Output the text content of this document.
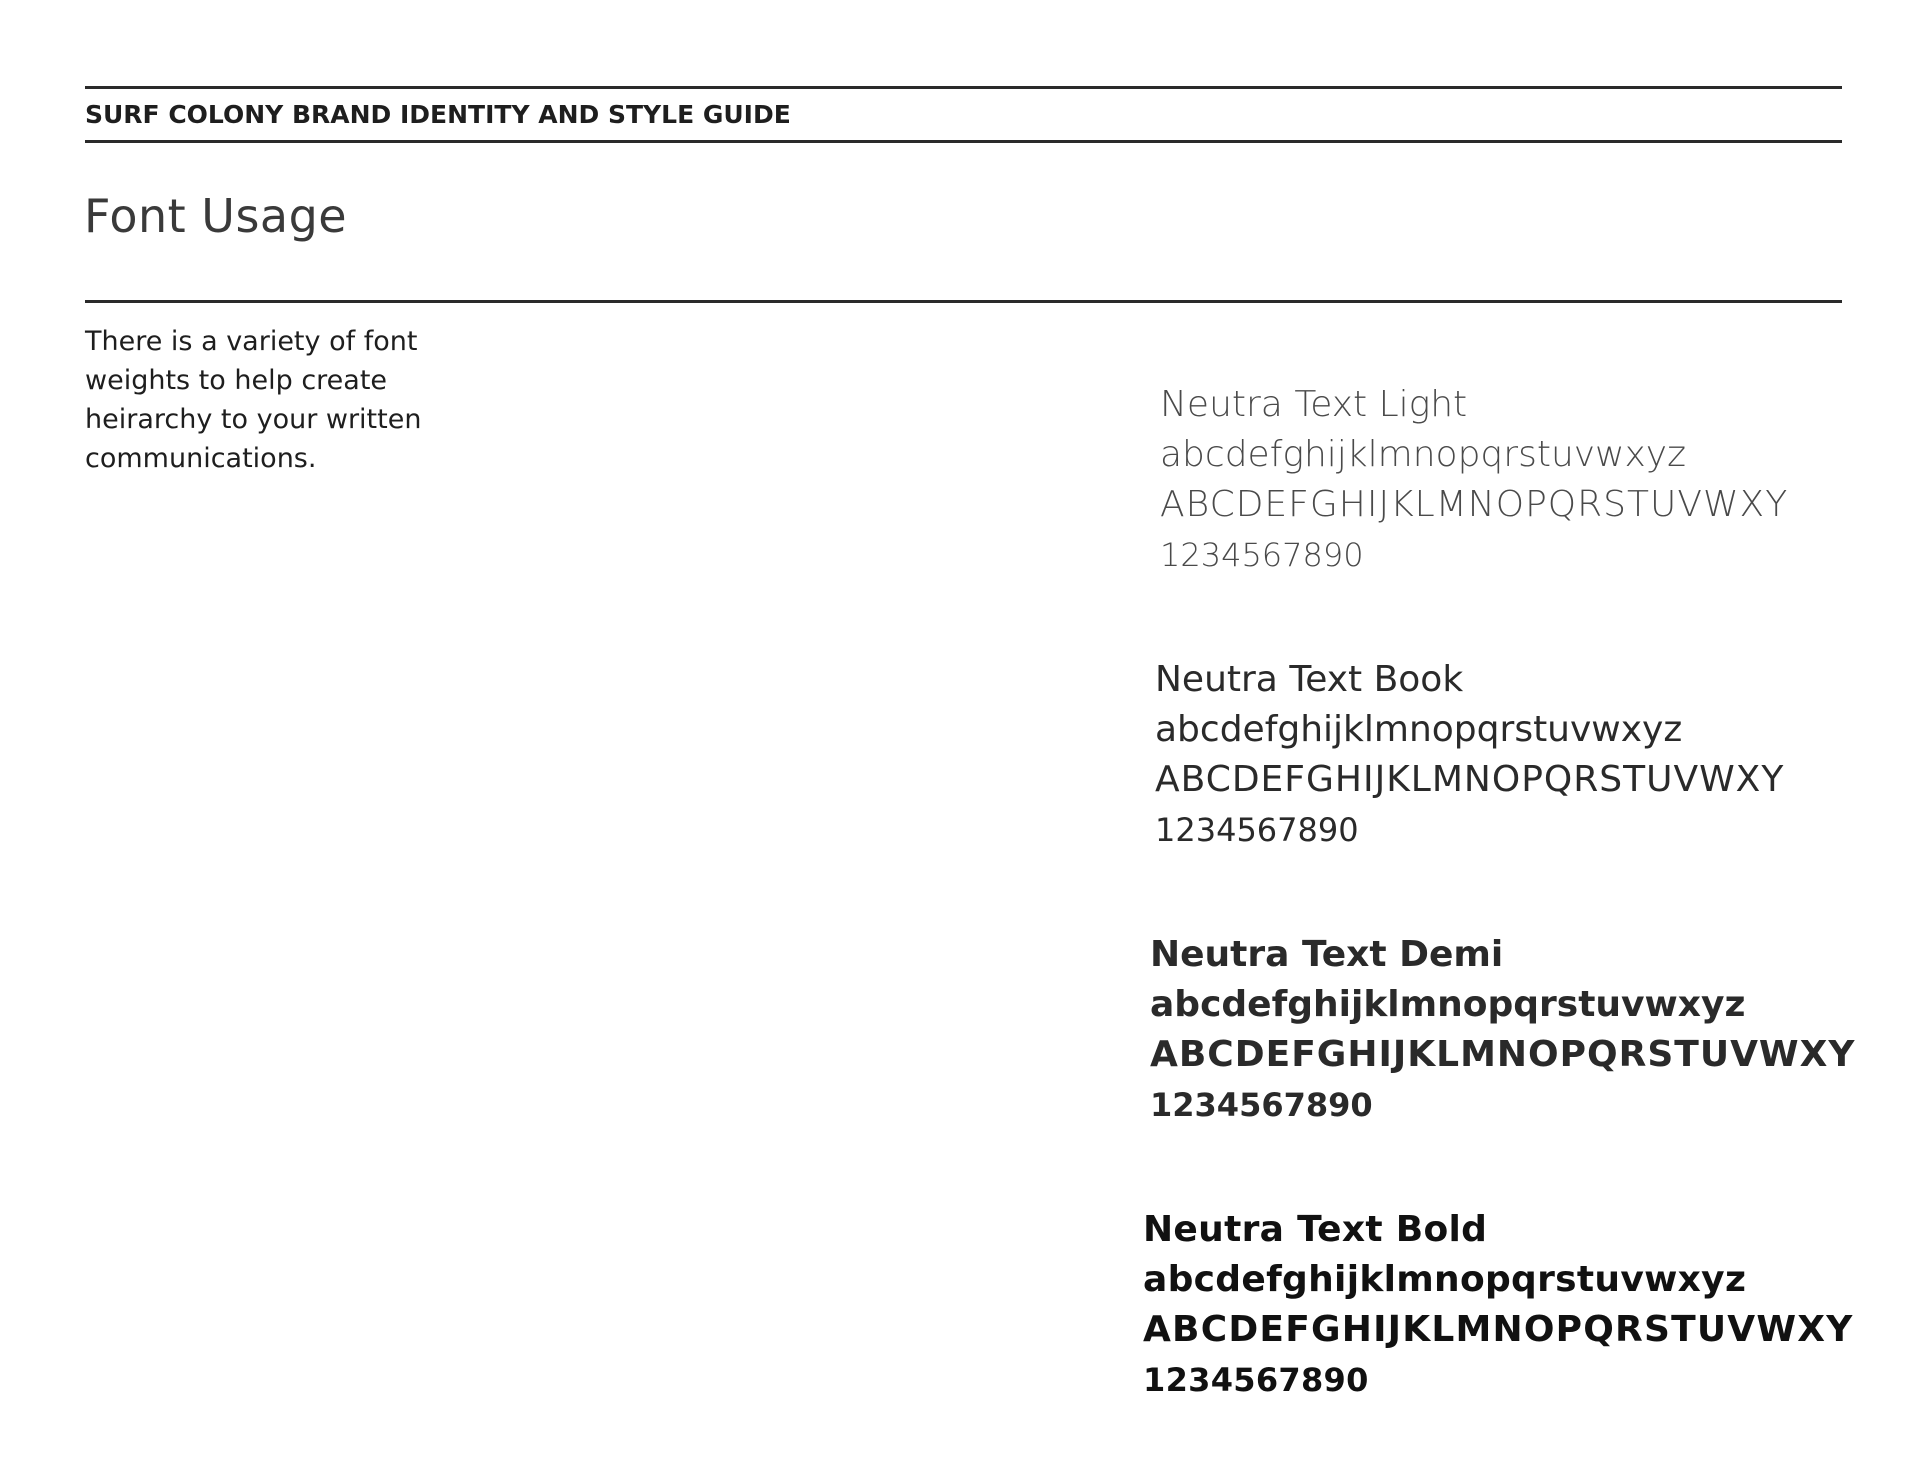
SURF COLONY BRAND IDENTITY AND STYLE GUIDE
Font Usage

There is a variety of font

weights to help create

heirarchy to your written

communications.

Neutra Text Light
abcdefghijklmnopqrstuvwxyz
ABCDEFGHIJKLMNOPQRSTUVWXY
1234567890
Neutra Text Book
abcdefghijklmnopqrstuvwxyz
ABCDEFGHIJKLMNOPQRSTUVWXY
1234567890
Neutra Text Demi
abcdefghijklmnopqrstuvwxyz
ABCDEFGHIJKLMNOPQRSTUVWXY
1234567890
Neutra Text Bold
abcdefghijklmnopqrstuvwxyz
ABCDEFGHIJKLMNOPQRSTUVWXY
1234567890
